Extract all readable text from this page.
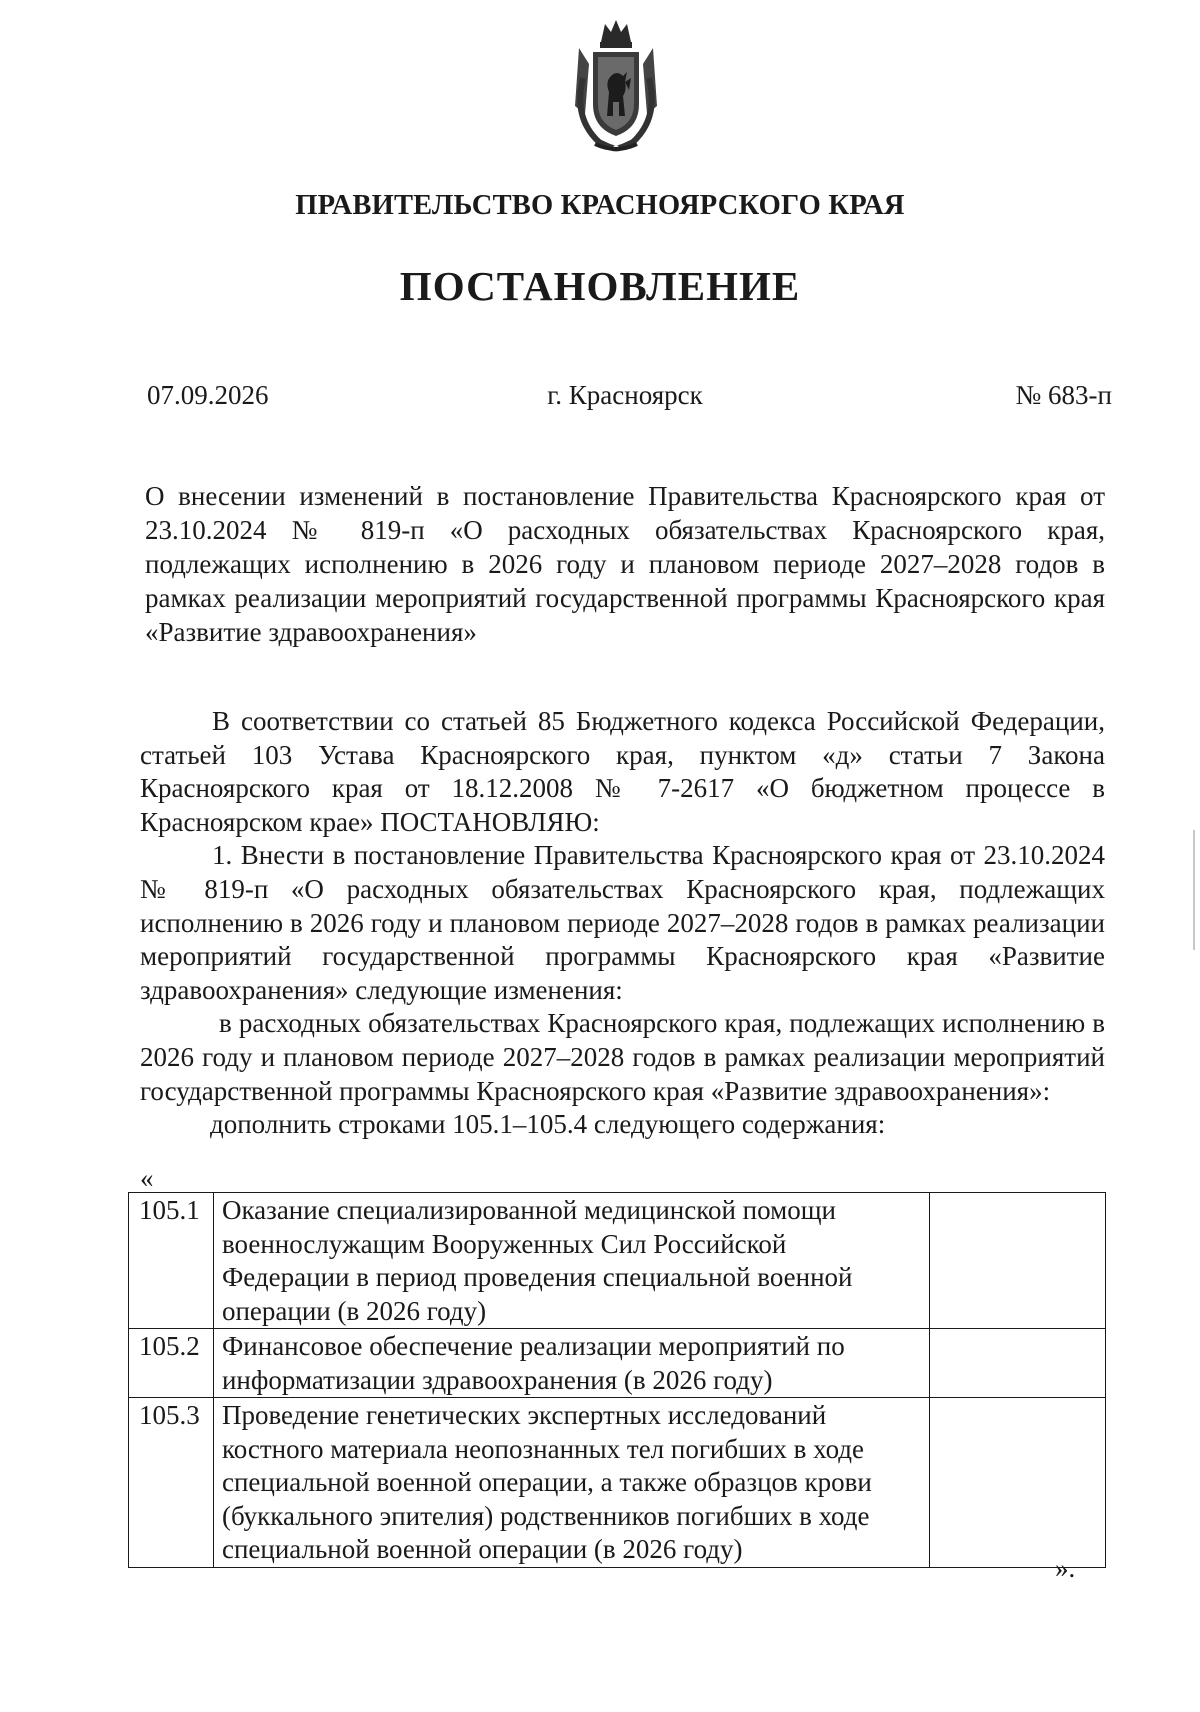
ПРАВИТЕЛЬСТВО КРАСНОЯРСКОГО КРАЯ
ПОСТАНОВЛЕНИЕ
07.09.2026	г. Красноярск	№ 683-п
О внесении изменений в постановление Правительства Красноярского края от 23.10.2024 № 819-п «О расходных обязательствах Красноярского края, подлежащих исполнению в 2026 году и плановом периоде 2027–2028 годов в рамках реализации мероприятий государственной программы Красноярского края «Развитие здравоохранения»

В соответствии со статьей 85 Бюджетного кодекса Российской Федерации, статьей 103 Устава Красноярского края, пунктом «д» статьи 7 Закона Красноярского края от 18.12.2008 № 7-2617 «О бюджетном процессе в Красноярском крае» ПОСТАНОВЛЯЮ:

1. Внести в постановление Правительства Красноярского края от 23.10.2024 № 819-п «О расходных обязательствах Красноярского края, подлежащих исполнению в 2026 году и плановом периоде 2027–2028 годов в рамках реализации мероприятий государственной программы Красноярского края «Развитие здравоохранения» следующие изменения:

в расходных обязательствах Красноярского края, подлежащих исполнению в 2026 году и плановом периоде 2027–2028 годов в рамках реализации мероприятий государственной программы Красноярского края «Развитие здравоохранения»:

дополнить строками 105.1–105.4 следующего содержания:

«
105.1	Оказание специализированной медицинской помощи военнослужащим Вооруженных Сил Российской Федерации в период проведения специальной военной операции (в 2026 году)	
105.2	Финансовое обеспечение реализации мероприятий по информатизации здравоохранения (в 2026 году)	
105.3	Проведение генетических экспертных исследований костного материала неопознанных тел погибших в ходе специальной военной операции, а также образцов крови (буккального эпителия) родственников погибших в ходе специальной военной операции (в 2026 году)	
».
